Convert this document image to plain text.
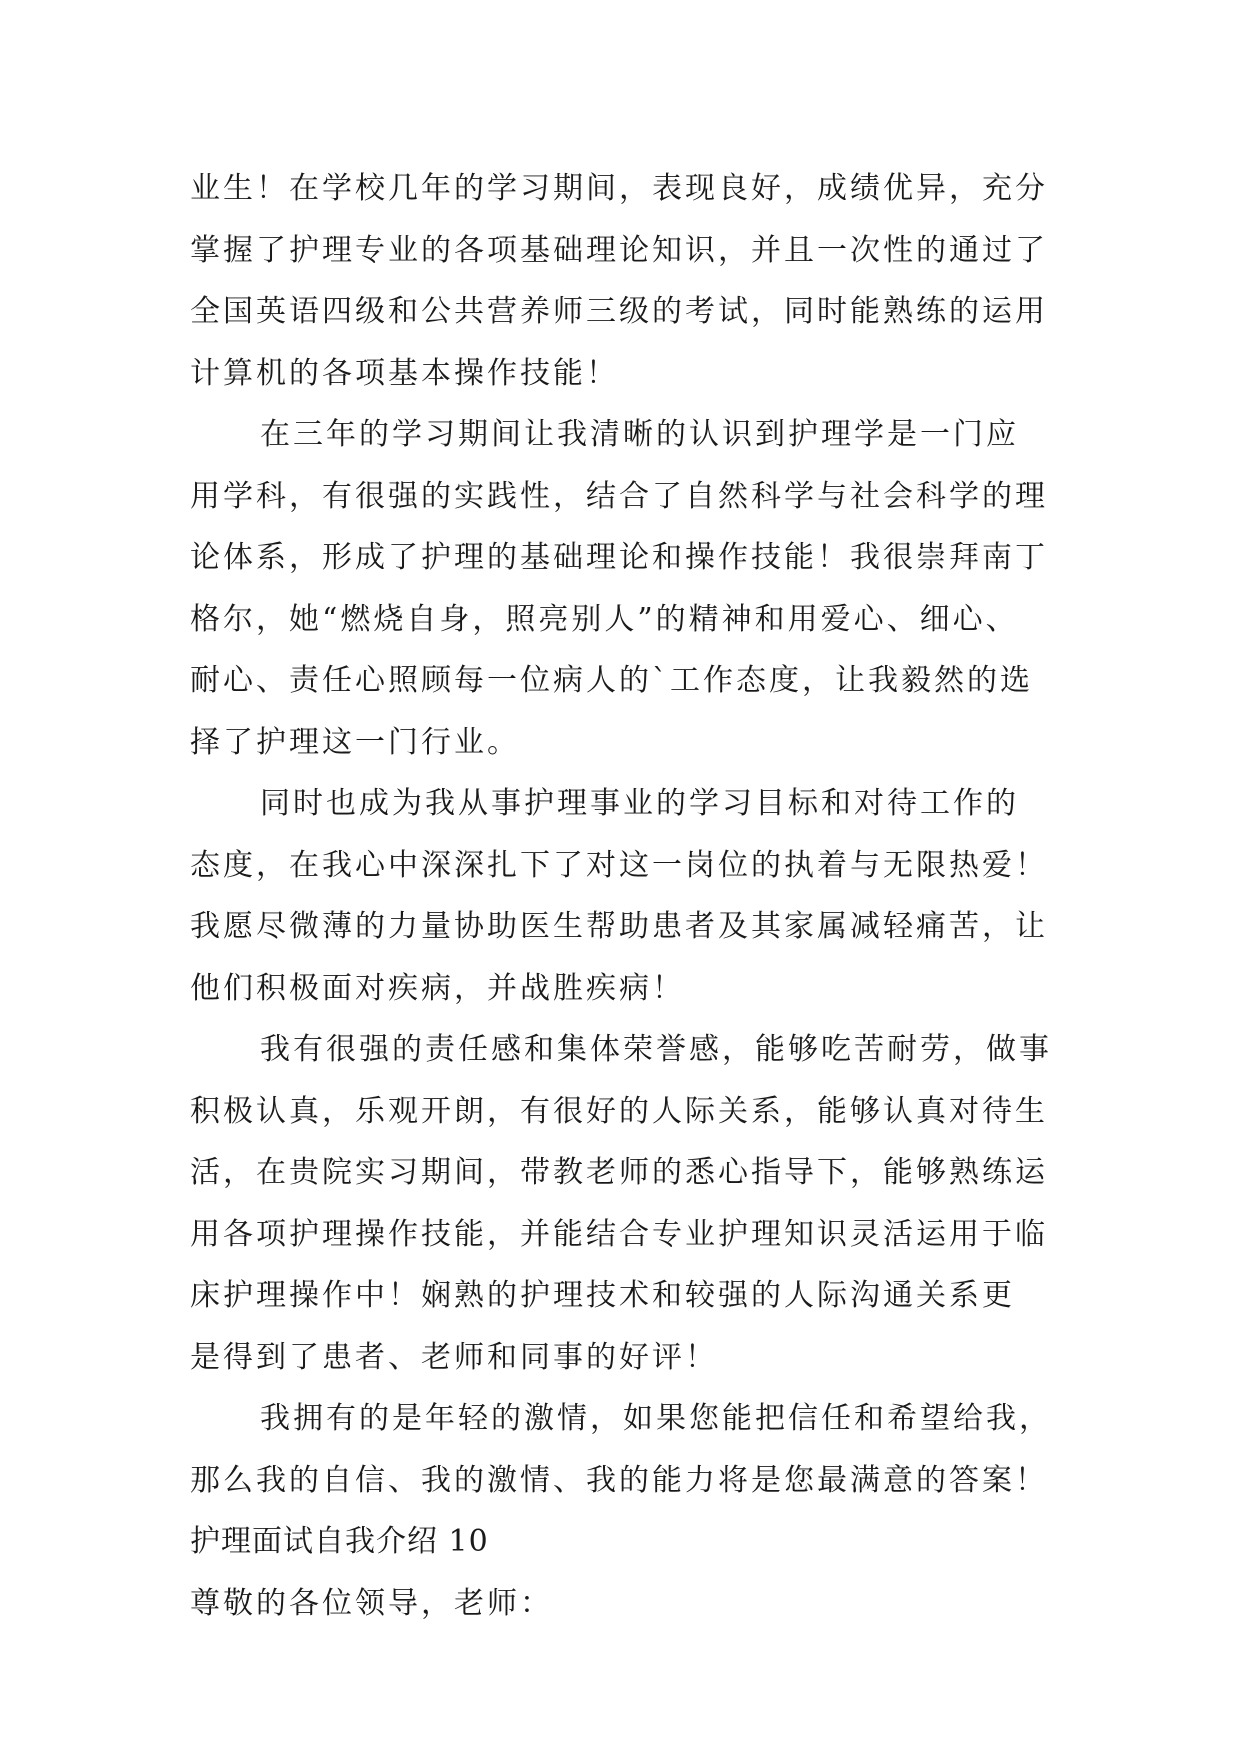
业生！在学校几年的学习期间，表现良好，成绩优异，充分
掌握了护理专业的各项基础理论知识，并且一次性的通过了
全国英语四级和公共营养师三级的考试，同时能熟练的运用
计算机的各项基本操作技能！
在三年的学习期间让我清晰的认识到护理学是一门应
用学科，有很强的实践性，结合了自然科学与社会科学的理
论体系，形成了护理的基础理论和操作技能！我很崇拜南丁
格尔，她“燃烧自身，照亮别人”的精神和用爱心、细心、
耐心、责任心照顾每一位病人的`工作态度，让我毅然的选
择了护理这一门行业。
同时也成为我从事护理事业的学习目标和对待工作的
态度，在我心中深深扎下了对这一岗位的执着与无限热爱！
我愿尽微薄的力量协助医生帮助患者及其家属减轻痛苦，让
他们积极面对疾病，并战胜疾病！
我有很强的责任感和集体荣誉感，能够吃苦耐劳，做事
积极认真，乐观开朗，有很好的人际关系，能够认真对待生
活，在贵院实习期间，带教老师的悉心指导下，能够熟练运
用各项护理操作技能，并能结合专业护理知识灵活运用于临
床护理操作中！娴熟的护理技术和较强的人际沟通关系更
是得到了患者、老师和同事的好评！
我拥有的是年轻的激情，如果您能把信任和希望给我，
那么我的自信、我的激情、我的能力将是您最满意的答案！
护理面试自我介绍 10
尊敬的各位领导，老师：
